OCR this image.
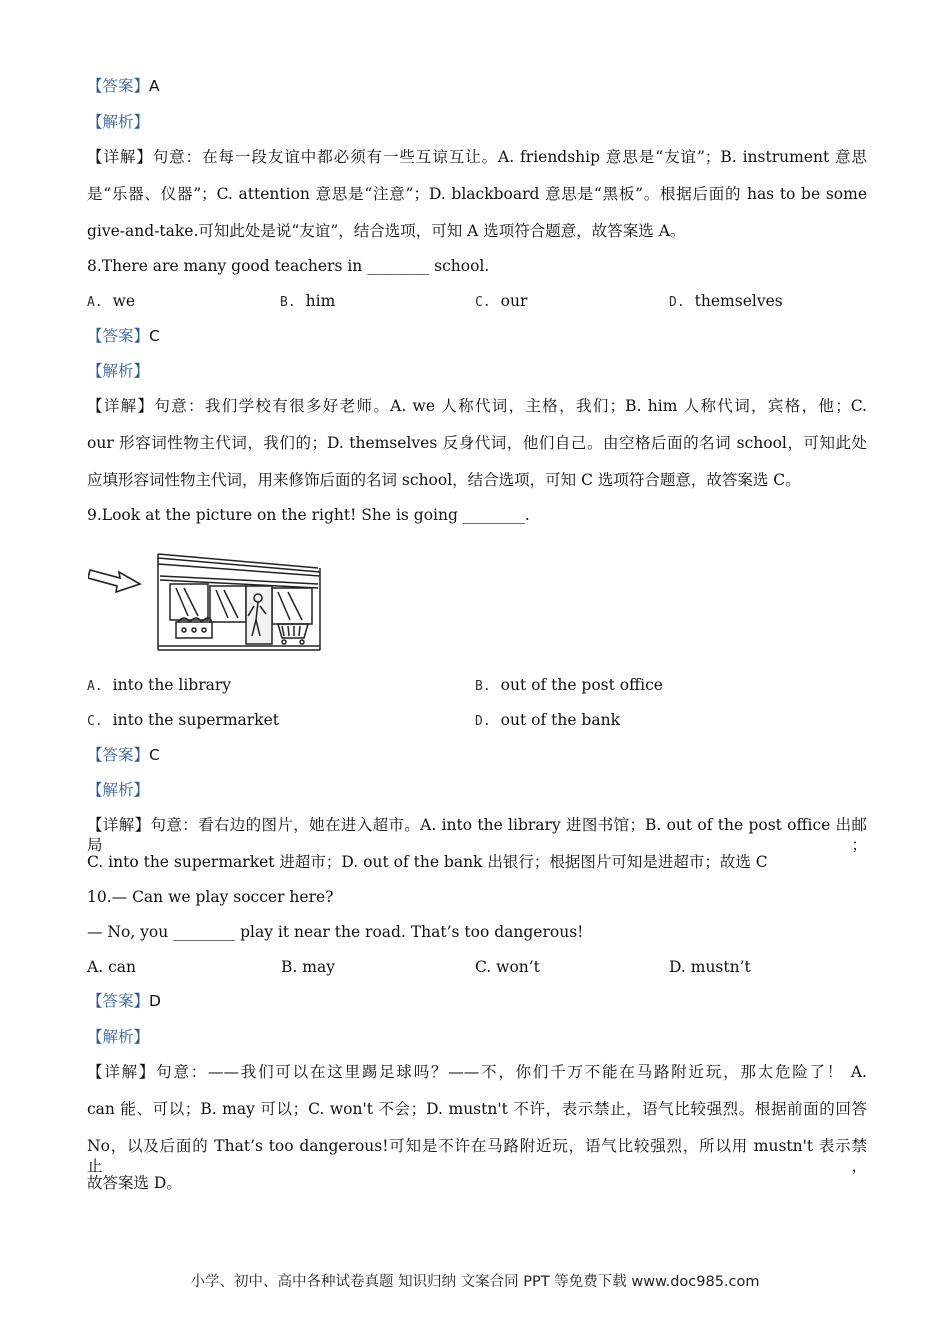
【答案】A
【解析】
【详解】句意：在每一段友谊中都必须有一些互谅互让。A. friendship 意思是“友谊”；B. instrument 意思
是“乐器、仪器”；C. attention 意思是“注意”；D. blackboard 意思是“黑板”。根据后面的 has to be some
give-and-take.可知此处是说“友谊”，结合选项，可知 A 选项符合题意，故答案选 A。
8.There are many good teachers in ________ school.
A. we	B. him	C. our	D. themselves
【答案】C
【解析】
【详解】句意：我们学校有很多好老师。A. we 人称代词，主格，我们；B. him 人称代词，宾格，他；C.
our 形容词性物主代词，我们的；D. themselves 反身代词，他们自己。由空格后面的名词 school，可知此处
应填形容词性物主代词，用来修饰后面的名词 school，结合选项，可知 C 选项符合题意，故答案选 C。
9.Look at the picture on the right! She is going ________.
A. into the library	B. out of the post office
C. into the supermarket	D. out of the bank
【答案】C
【解析】
【详解】句意：看右边的图片，她在进入超市。A. into the library 进图书馆；B. out of the post office 出邮局；
C. into the supermarket 进超市；D. out of the bank 出银行；根据图片可知是进超市；故选 C
10.— Can we play soccer here?
— No, you ________ play it near the road. That’s too dangerous!
A. can	B. may	C. won’t	D. mustn’t
【答案】D
【解析】
【详解】句意：——我们可以在这里踢足球吗？——不，你们千万不能在马路附近玩，那太危险了！ A.
can 能、可以；B. may 可以；C. won't 不会；D. mustn't 不许，表示禁止，语气比较强烈。根据前面的回答
No，以及后面的 That’s too dangerous!可知是不许在马路附近玩，语气比较强烈，所以用 mustn't 表示禁止，
故答案选 D。
小学、初中、高中各种试卷真题 知识归纳 文案合同 PPT 等免费下载 www.doc985.com
